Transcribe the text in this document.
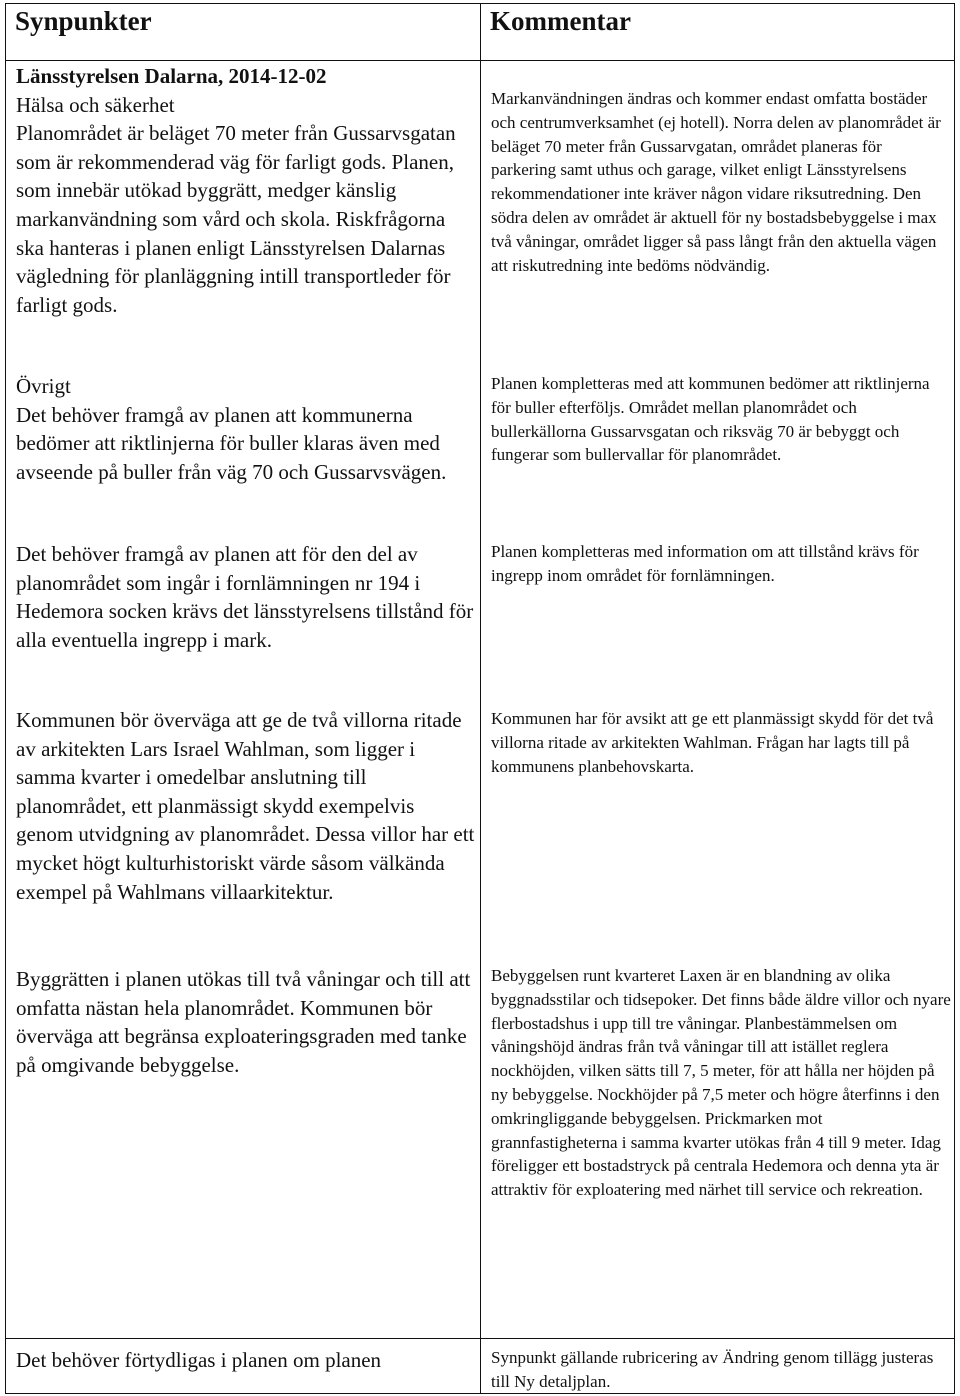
Synpunkter	Kommentar

Länsstyrelsen Dalarna, 2014-12-02

Hälsa och säkerhet

Planområdet är beläget 70 meter från Gussarvsgatan som är rekommenderad väg för farligt gods. Planen, som innebär utökad byggrätt, medger känslig markanvändning som vård och skola. Riskfrågorna ska hanteras i planen enligt Länsstyrelsen Dalarnas vägledning för planläggning intill transportleder för farligt gods.

Markanvändningen ändras och kommer endast omfatta bostäder och centrumverksamhet (ej hotell). Norra delen av planområdet är beläget 70 meter från Gussarvgatan, området planeras för parkering samt uthus och garage, vilket enligt Länsstyrelsens rekommendationer inte kräver någon vidare riksutredning. Den södra delen av området är aktuell för ny bostadsbebyggelse i max två våningar, området ligger så pass långt från den aktuella vägen att riskutredning inte bedöms nödvändig.

Övrigt

Det behöver framgå av planen att kommunerna bedömer att riktlinjerna för buller klaras även med avseende på buller från väg 70 och Gussarvsvägen.

Planen kompletteras med att kommunen bedömer att riktlinjerna för buller efterföljs. Området mellan planområdet och bullerkällorna Gussarvsgatan och riksväg 70 är bebyggt och fungerar som bullervallar för planområdet.

Det behöver framgå av planen att för den del av planområdet som ingår i fornlämningen nr 194 i Hedemora socken krävs det länsstyrelsens tillstånd för alla eventuella ingrepp i mark.

Planen kompletteras med information om att tillstånd krävs för ingrepp inom området för fornlämningen.

Kommunen bör överväga att ge de två villorna ritade av arkitekten Lars Israel Wahlman, som ligger i samma kvarter i omedelbar anslutning till planområdet, ett planmässigt skydd exempelvis genom utvidgning av planområdet. Dessa villor har ett mycket högt kulturhistoriskt värde såsom välkända exempel på Wahlmans villaarkitektur.

Kommunen har för avsikt att ge ett planmässigt skydd för det två villorna ritade av arkitekten Wahlman. Frågan har lagts till på kommunens planbehovskarta.

Byggrätten i planen utökas till två våningar och till att omfatta nästan hela planområdet. Kommunen bör överväga att begränsa exploateringsgraden med tanke på omgivande bebyggelse.

Bebyggelsen runt kvarteret Laxen är en blandning av olika byggnadsstilar och tidsepoker. Det finns både äldre villor och nyare flerbostadshus i upp till tre våningar. Planbestämmelsen om våningshöjd ändras från två våningar till att istället reglera nockhöjden, vilken sätts till 7, 5 meter, för att hålla ner höjden på ny bebyggelse. Nockhöjder på 7,5 meter och högre återfinns i den omkringliggande bebyggelsen. Prickmarken mot grannfastigheterna i samma kvarter utökas från 4 till 9 meter. Idag föreligger ett bostadstryck på centrala Hedemora och denna yta är attraktiv för exploatering med närhet till service och rekreation.

Det behöver förtydligas i planen om planen	Synpunkt gällande rubricering av Ändring genom tillägg justeras till Ny detaljplan.
